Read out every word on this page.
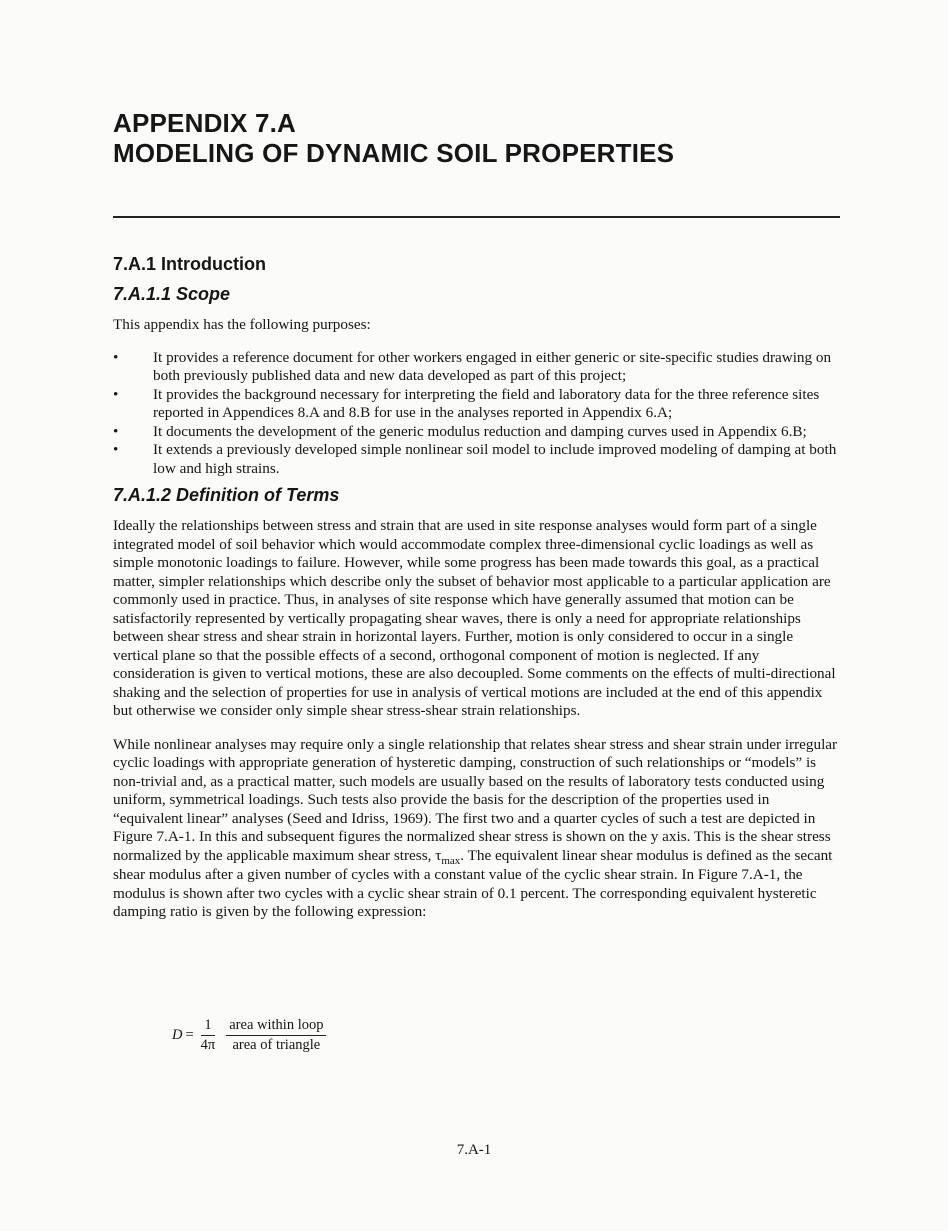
APPENDIX 7.A
MODELING OF DYNAMIC SOIL PROPERTIES
7.A.1 Introduction
7.A.1.1 Scope

This appendix has the following purposes:

• It provides a reference document for other workers engaged in either generic or site-specific studies drawing on both previously published data and new data developed as part of this project;
• It provides the background necessary for interpreting the field and laboratory data for the three reference sites reported in Appendices 8.A and 8.B for use in the analyses reported in Appendix 6.A;
• It documents the development of the generic modulus reduction and damping curves used in Appendix 6.B;
• It extends a previously developed simple nonlinear soil model to include improved modeling of damping at both low and high strains.
7.A.1.2 Definition of Terms

Ideally the relationships between stress and strain that are used in site response analyses would form part of a single integrated model of soil behavior which would accommodate complex three-dimensional cyclic loadings as well as simple monotonic loadings to failure. However, while some progress has been made towards this goal, as a practical matter, simpler relationships which describe only the subset of behavior most applicable to a particular application are commonly used in practice. Thus, in analyses of site response which have generally assumed that motion can be satisfactorily represented by vertically propagating shear waves, there is only a need for appropriate relationships between shear stress and shear strain in horizontal layers. Further, motion is only considered to occur in a single vertical plane so that the possible effects of a second, orthogonal component of motion is neglected. If any consideration is given to vertical motions, these are also decoupled. Some comments on the effects of multi-directional shaking and the selection of properties for use in analysis of vertical motions are included at the end of this appendix but otherwise we consider only simple shear stress-shear strain relationships.

While nonlinear analyses may require only a single relationship that relates shear stress and shear strain under irregular cyclic loadings with appropriate generation of hysteretic damping, construction of such relationships or “models” is non-trivial and, as a practical matter, such models are usually based on the results of laboratory tests conducted using uniform, symmetrical loadings. Such tests also provide the basis for the description of the properties used in “equivalent linear” analyses (Seed and Idriss, 1969). The first two and a quarter cycles of such a test are depicted in Figure 7.A-1. In this and subsequent figures the normalized shear stress is shown on the y axis. This is the shear stress normalized by the applicable maximum shear stress, $\tau_{max}$. The equivalent linear shear modulus is defined as the secant shear modulus after a given number of cycles with a constant value of the cyclic shear strain. In Figure 7.A-1, the modulus is shown after two cycles with a cyclic shear strain of 0.1 percent. The corresponding equivalent hysteretic damping ratio is given by the following expression:

$D = \frac{1}{4\pi} \frac{\text{area within loop}}{\text{area of triangle}}$
7.A-1
